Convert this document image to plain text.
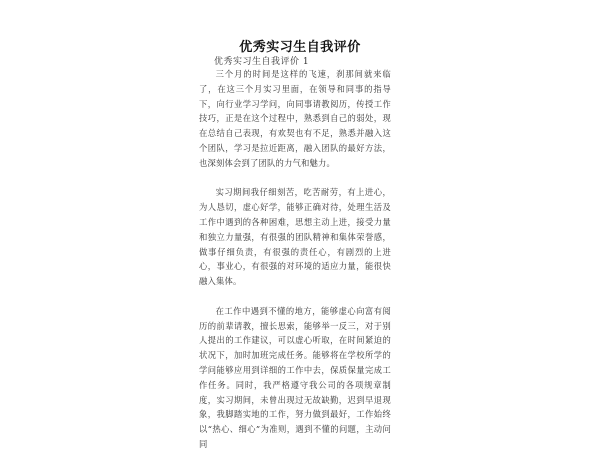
优秀实习生自我评价
优秀实习生自我评价 1

三个月的时间是这样的飞速，刹那间就来临了，在这三个月实习里面，在领导和同事的指导下，向行业学习学问，向同事请教阅历，传授工作技巧，正是在这个过程中，熟悉到自己的弱处，现在总结自己表现，有欢契也有不足，熟悉并融入这个团队，学习是拉近距离，融入团队的最好方法，也深刻体会到了团队的力气和魅力。

实习期间我仔细刻苦，吃苦耐劳，有上进心，为人恳切，虚心好学，能够正确对待，处理生活及工作中遇到的各种困难，思想主动上进，接受力量和独立力量强，有很强的团队精神和集体荣誉感，做事仔细负责，有很强的责任心，有剧烈的上进心，事业心，有很强的对环境的适应力量，能很快融入集体。

在工作中遇到不懂的地方，能够虚心向富有阅历的前辈请教，擅长思索，能够举一反三，对于别人提出的工作建议，可以虚心听取，在时间紧迫的状况下，加时加班完成任务。能够将在学校所学的学问能够应用到详细的工作中去，保质保量完成工作任务。同时，我严格遵守我公司的各项规章制度，实习期间，未曾出现过无故缺勤，迟到早退现象，我脚踏实地的工作，努力做到最好，工作始终以“热心、细心”为准则，遇到不懂的问题，主动问同
